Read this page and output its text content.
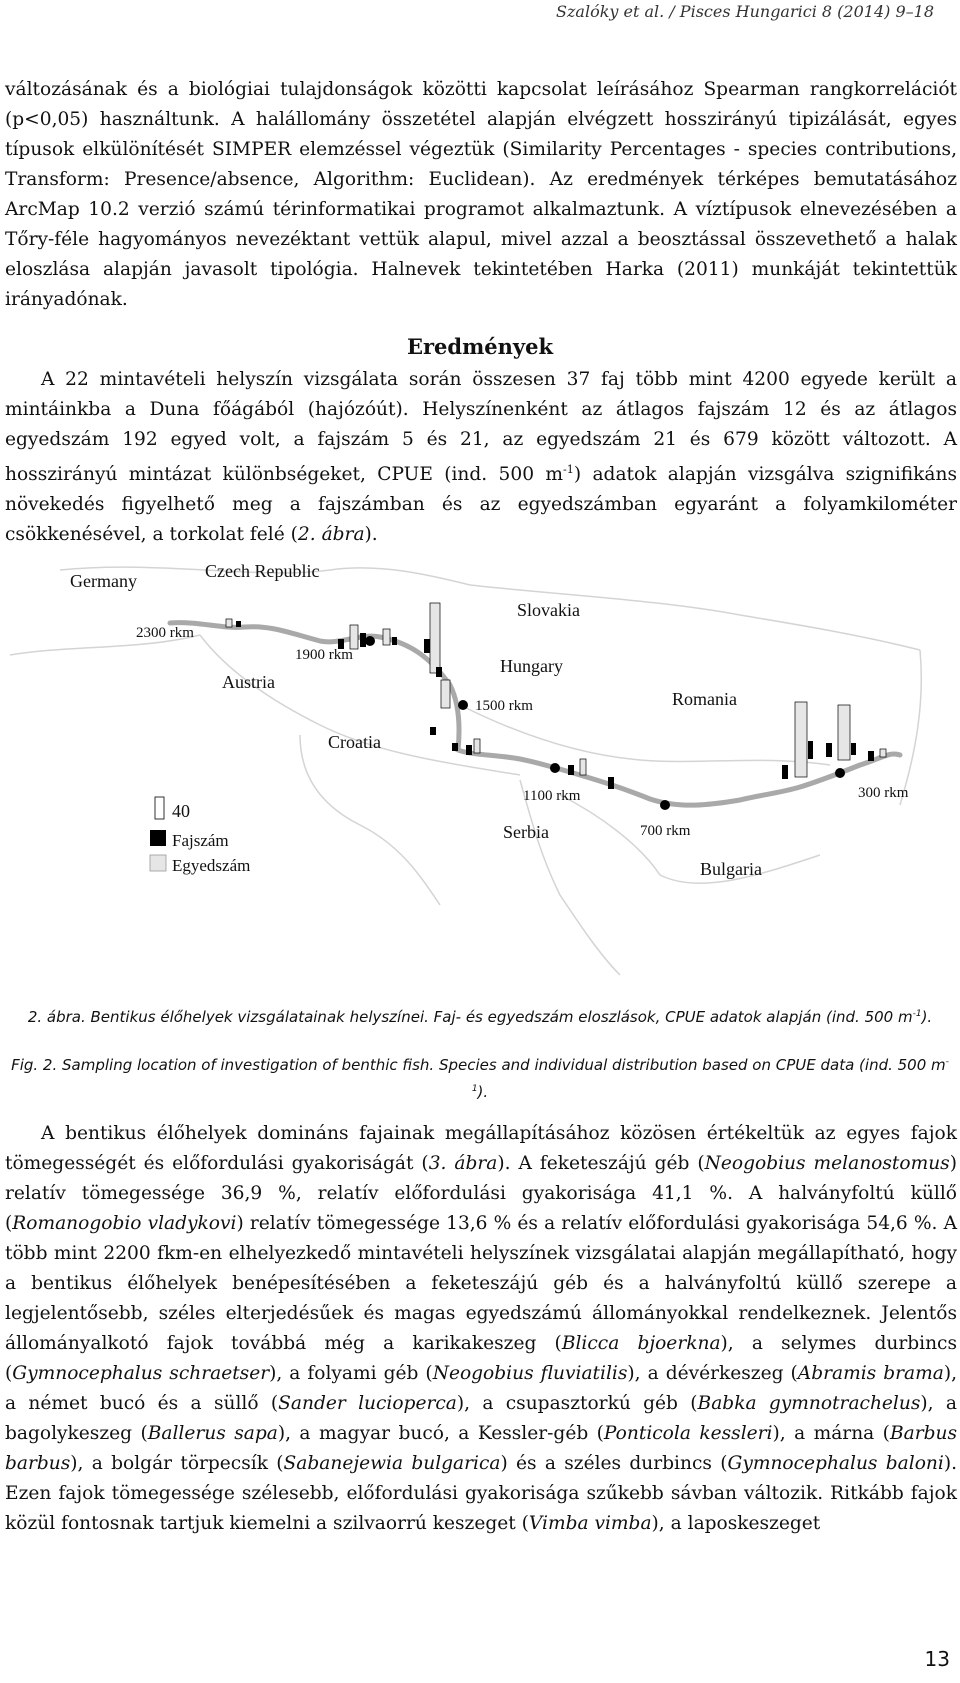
Szalóky et al. / Pisces Hungarici 8 (2014) 9–18

változásának és a biológiai tulajdonságok közötti kapcsolat leírásához Spearman rangkorrelációt (p<0,05) használtunk. A halállomány összetétel alapján elvégzett hosszirányú tipizálását, egyes típusok elkülönítését SIMPER elemzéssel végeztük (Similarity Percentages - species contributions, Transform: Presence/absence, Algorithm: Euclidean). Az eredmények térképes bemutatásához ArcMap 10.2 verzió számú térinformatikai programot alkalmaztunk. A víztípusok elnevezésében a Tőry-féle hagyományos nevezéktant vettük alapul, mivel azzal a beosztással összevethető a halak eloszlása alapján javasolt tipológia. Halnevek tekintetében Harka (2011) munkáját tekintettük irányadónak.

Eredmények

A 22 mintavételi helyszín vizsgálata során összesen 37 faj több mint 4200 egyede került a mintáinkba a Duna főágából (hajózóút). Helyszínenként az átlagos fajszám 12 és az átlagos egyedszám 192 egyed volt, a fajszám 5 és 21, az egyedszám 21 és 679 között változott. A hosszirányú mintázat különbségeket, CPUE (ind. 500 $m^{-1}$) adatok alapján vizsgálva szignifikáns növekedés figyelhető meg a fajszámban és az egyedszámban egyaránt a folyamkilométer csökkenésével, a torkolat felé (2. ábra).

Germany	Czech Republic
Slovakia
Austria
Hungary
Romania
Croatia
Serbia
Bulgaria
2300 rkm
1900 rkm
1500 rkm
1100 rkm
700 rkm
300 rkm
40
Fajszám
Egyedszám
2. ábra. Bentikus élőhelyek vizsgálatainak helyszínei. Faj- és egyedszám eloszlások, CPUE adatok alapján (ind. 500 $m^{-1}$).
Fig. 2. Sampling location of investigation of benthic fish. Species and individual distribution based on CPUE data (ind. 500 $m^{-1}$).

A bentikus élőhelyek domináns fajainak megállapításához közösen értékeltük az egyes fajok tömegességét és előfordulási gyakoriságát (3. ábra). A feketeszájú géb (Neogobius melanostomus) relatív tömegessége 36,9 %, relatív előfordulási gyakorisága 41,1 %. A halványfoltú küllő (Romanogobio vladykovi) relatív tömegessége 13,6 % és a relatív előfordulási gyakorisága 54,6 %. A több mint 2200 fkm-en elhelyezkedő mintavételi helyszínek vizsgálatai alapján megállapítható, hogy a bentikus élőhelyek benépesítésében a feketeszájú géb és a halványfoltú küllő szerepe a legjelentősebb, széles elterjedésűek és magas egyedszámú állományokkal rendelkeznek. Jelentős állományalkotó fajok továbbá még a karikakeszeg (Blicca bjoerkna), a selymes durbincs (Gymnocephalus schraetser), a folyami géb (Neogobius fluviatilis), a dévérkeszeg (Abramis brama), a német bucó és a süllő (Sander lucioperca), a csupasztorkú géb (Babka gymnotrachelus), a bagolykeszeg (Ballerus sapa), a magyar bucó, a Kessler-géb (Ponticola kessleri), a márna (Barbus barbus), a bolgár törpecsík (Sabanejewia bulgarica) és a széles durbincs (Gymnocephalus baloni). Ezen fajok tömegessége szélesebb, előfordulási gyakorisága szűkebb sávban változik. Ritkább fajok közül fontosnak tartjuk kiemelni a szilvaorrú keszeget (Vimba vimba), a laposkeszeget

13
